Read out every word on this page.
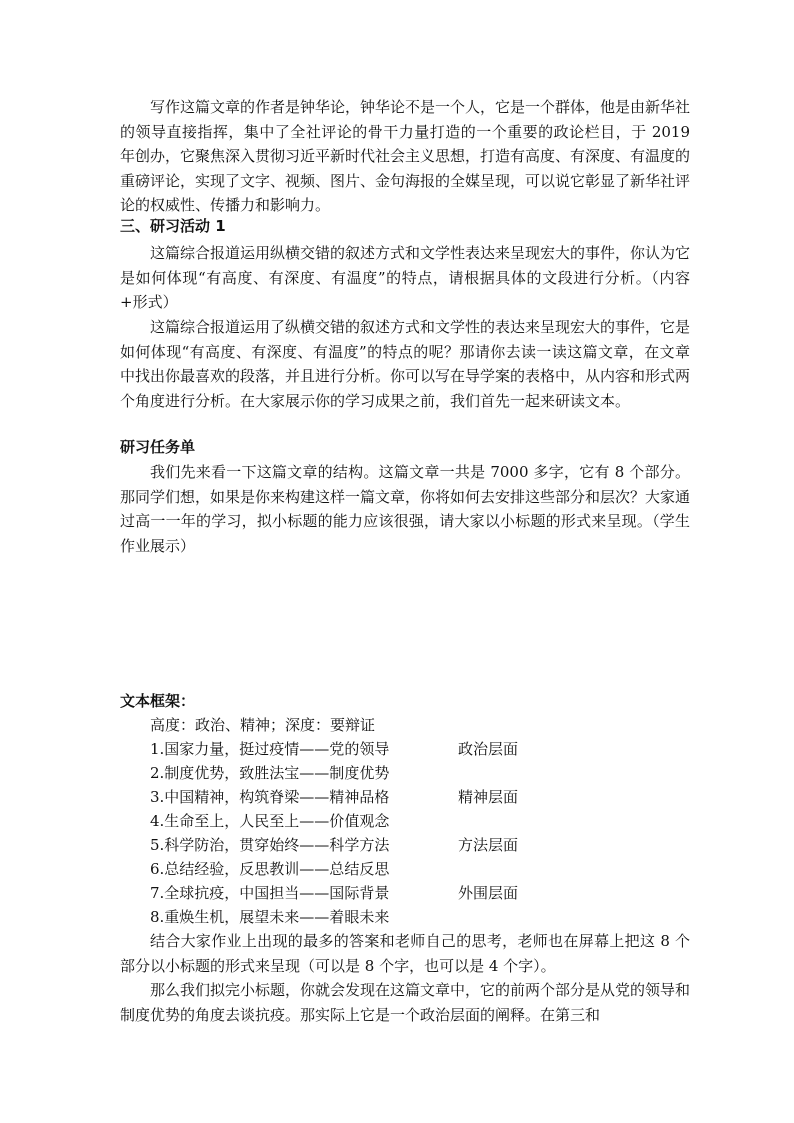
写作这篇文章的作者是钟华论，钟华论不是一个人，它是一个群体，他是由新华社的领导直接指挥，集中了全社评论的骨干力量打造的一个重要的政论栏目，于 2019 年创办，它聚焦深入贯彻习近平新时代社会主义思想，打造有高度、有深度、有温度的重磅评论，实现了文字、视频、图片、金句海报的全媒呈现，可以说它彰显了新华社评论的权威性、传播力和影响力。

三、研习活动 1

这篇综合报道运用纵横交错的叙述方式和文学性表达来呈现宏大的事件，你认为它是如何体现“有高度、有深度、有温度”的特点，请根据具体的文段进行分析。（内容+形式）

这篇综合报道运用了纵横交错的叙述方式和文学性的表达来呈现宏大的事件，它是如何体现“有高度、有深度、有温度”的特点的呢？那请你去读一读这篇文章，在文章中找出你最喜欢的段落，并且进行分析。你可以写在导学案的表格中，从内容和形式两个角度进行分析。在大家展示你的学习成果之前，我们首先一起来研读文本。

研习任务单

我们先来看一下这篇文章的结构。这篇文章一共是 7000 多字，它有 8 个部分。那同学们想，如果是你来构建这样一篇文章，你将如何去安排这些部分和层次？大家通过高一一年的学习，拟小标题的能力应该很强，请大家以小标题的形式来呈现。（学生作业展示）

文本框架：
高度：政治、精神；深度：要辩证
1.国家力量，挺过疫情——党的领导	政治层面
2.制度优势，致胜法宝——制度优势
3.中国精神，构筑脊梁——精神品格	精神层面
4.生命至上，人民至上——价值观念
5.科学防治，贯穿始终——科学方法	方法层面
6.总结经验，反思教训——总结反思
7.全球抗疫，中国担当——国际背景	外围层面
8.重焕生机，展望未来——着眼未来

结合大家作业上出现的最多的答案和老师自己的思考，老师也在屏幕上把这 8 个部分以小标题的形式来呈现（可以是 8 个字，也可以是 4 个字）。

那么我们拟完小标题，你就会发现在这篇文章中，它的前两个部分是从党的领导和制度优势的角度去谈抗疫。那实际上它是一个政治层面的阐释。在第三和
